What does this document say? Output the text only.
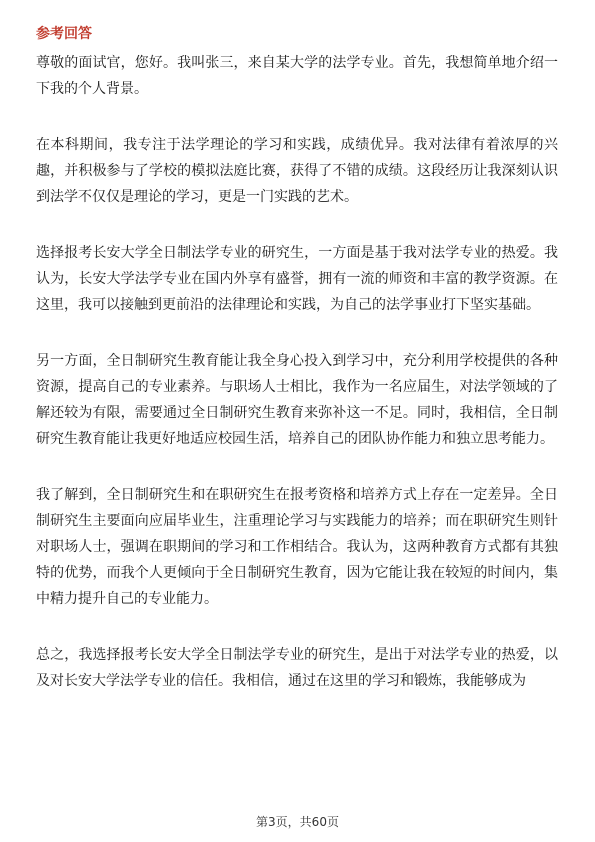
参考回答

尊敬的面试官，您好。我叫张三，来自某大学的法学专业。首先，我想简单地介绍一下我的个人背景。

在本科期间，我专注于法学理论的学习和实践，成绩优异。我对法律有着浓厚的兴趣，并积极参与了学校的模拟法庭比赛，获得了不错的成绩。这段经历让我深刻认识到法学不仅仅是理论的学习，更是一门实践的艺术。

选择报考长安大学全日制法学专业的研究生，一方面是基于我对法学专业的热爱。我认为，长安大学法学专业在国内外享有盛誉，拥有一流的师资和丰富的教学资源。在这里，我可以接触到更前沿的法律理论和实践，为自己的法学事业打下坚实基础。

另一方面，全日制研究生教育能让我全身心投入到学习中，充分利用学校提供的各种资源，提高自己的专业素养。与职场人士相比，我作为一名应届生，对法学领域的了解还较为有限，需要通过全日制研究生教育来弥补这一不足。同时，我相信，全日制研究生教育能让我更好地适应校园生活，培养自己的团队协作能力和独立思考能力。

我了解到，全日制研究生和在职研究生在报考资格和培养方式上存在一定差异。全日制研究生主要面向应届毕业生，注重理论学习与实践能力的培养；而在职研究生则针对职场人士，强调在职期间的学习和工作相结合。我认为，这两种教育方式都有其独特的优势，而我个人更倾向于全日制研究生教育，因为它能让我在较短的时间内，集中精力提升自己的专业能力。

总之，我选择报考长安大学全日制法学专业的研究生，是出于对法学专业的热爱，以及对长安大学法学专业的信任。我相信，通过在这里的学习和锻炼，我能够成为

第3页，共60页
